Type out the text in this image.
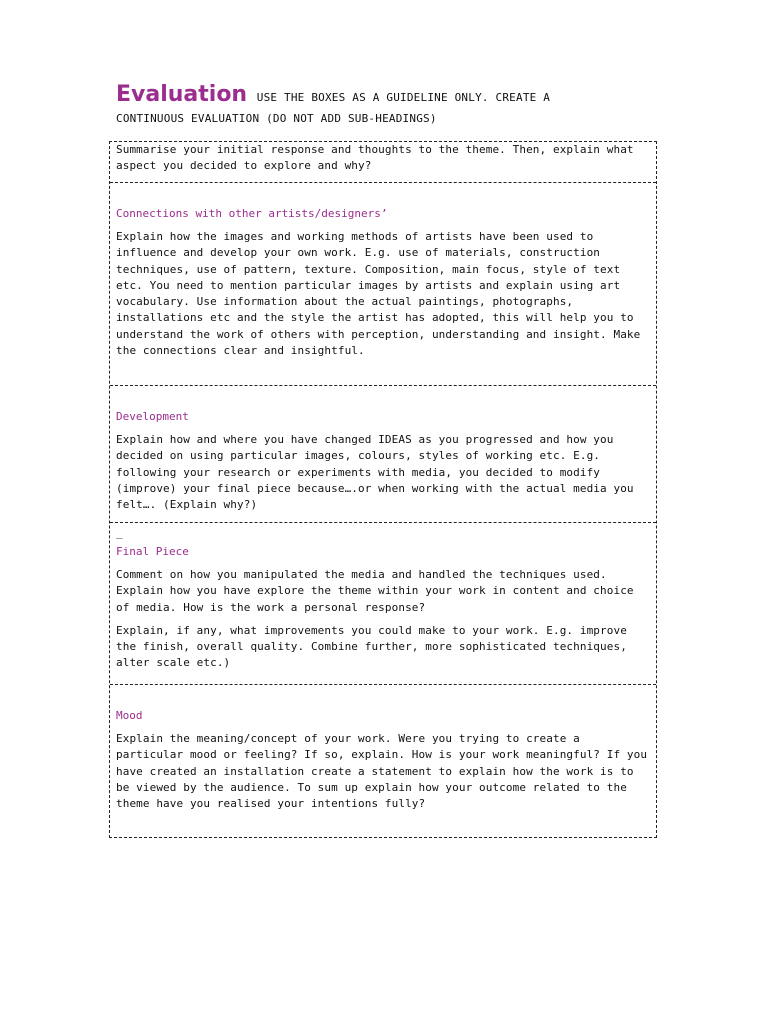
Evaluation USE THE BOXES AS A GUIDELINE ONLY. CREATE A
CONTINUOUS EVALUATION (DO NOT ADD SUB-HEADINGS)

Summarise your initial response and thoughts to the theme. Then, explain what aspect you decided to explore and why?

Connections with other artists/designers’

Explain how the images and working methods of artists have been used to influence and develop your own work. E.g. use of materials, construction techniques, use of pattern, texture. Composition, main focus, style of text etc. You need to mention particular images by artists and explain using art vocabulary. Use information about the actual paintings, photographs, installations etc and the style the artist has adopted, this will help you to understand the work of others with perception, understanding and insight. Make the connections clear and insightful.

Development

Explain how and where you have changed IDEAS as you progressed and how you decided on using particular images, colours, styles of working etc. E.g. following your research or experiments with media, you decided to modify (improve) your final piece because….or when working with the actual media you felt…. (Explain why?)

_

Final Piece

Comment on how you manipulated the media and handled the techniques used. Explain how you have explore the theme within your work in content and choice of media. How is the work a personal response?

Explain, if any, what improvements you could make to your work. E.g. improve the finish, overall quality. Combine further, more sophisticated techniques, alter scale etc.)

Mood

Explain the meaning/concept of your work. Were you trying to create a particular mood or feeling? If so, explain. How is your work meaningful? If you have created an installation create a statement to explain how the work is to be viewed by the audience. To sum up explain how your outcome related to the theme have you realised your intentions fully?
